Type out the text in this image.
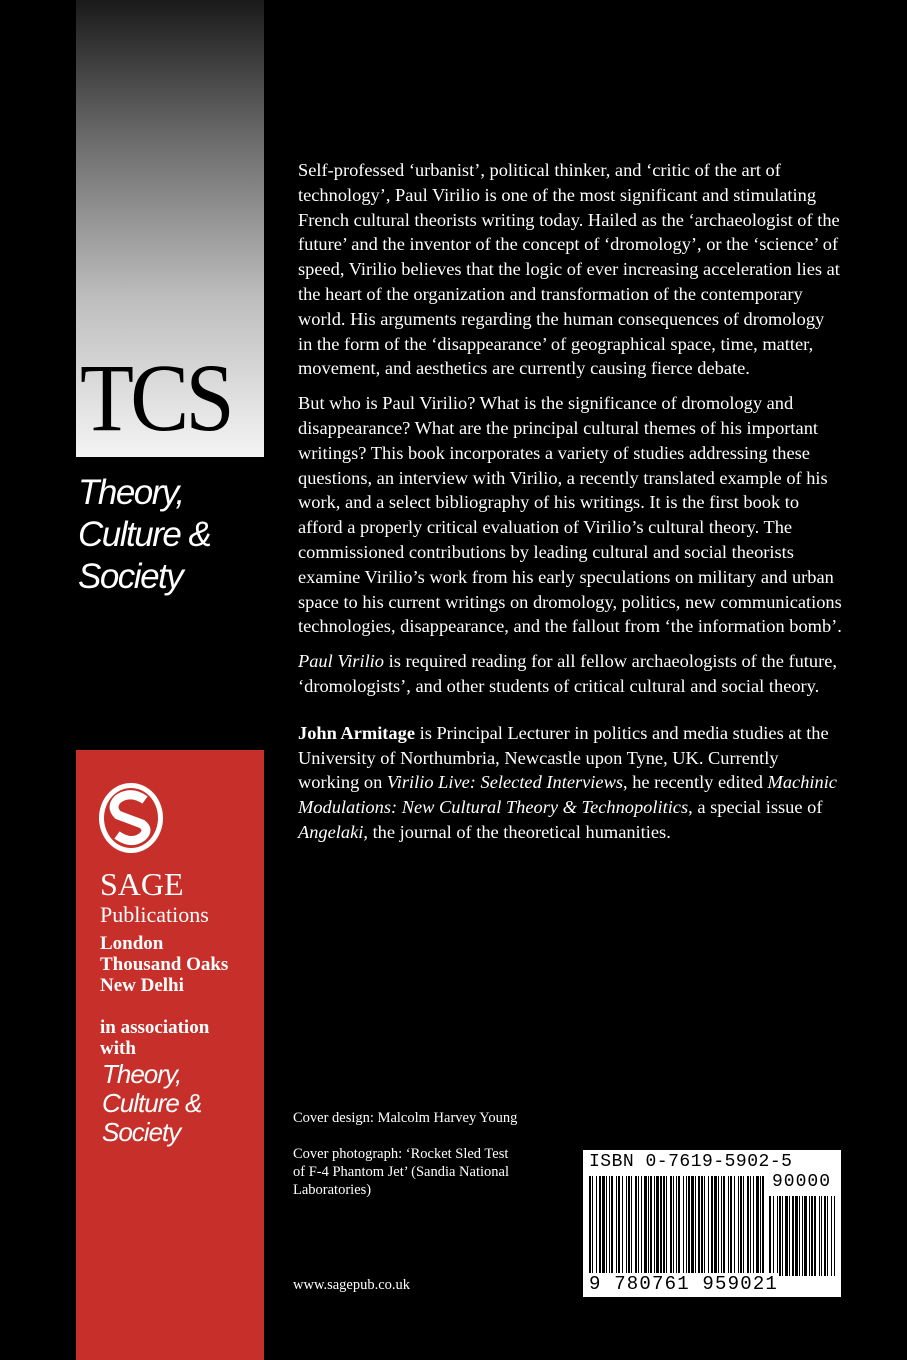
TCS
Theory,
Culture &
Society
SAGE
Publications
London
Thousand Oaks
New Delhi
in association
with
Theory,
Culture &
Society

Self-professed ‘urbanist’, political thinker, and ‘critic of the art of technology’, Paul Virilio is one of the most significant and stimulating French cultural theorists writing today. Hailed as the ‘archaeologist of the future’ and the inventor of the concept of ‘dromology’, or the ‘science’ of speed, Virilio believes that the logic of ever increasing acceleration lies at the heart of the organization and transformation of the contemporary world. His arguments regarding the human consequences of dromology in the form of the ‘disappearance’ of geographical space, time, matter, movement, and aesthetics are currently causing fierce debate.

But who is Paul Virilio? What is the significance of dromology and disappearance? What are the principal cultural themes of his important writings? This book incorporates a variety of studies addressing these questions, an interview with Virilio, a recently translated example of his work, and a select bibliography of his writings. It is the first book to afford a properly critical evaluation of Virilio’s cultural theory. The commissioned contributions by leading cultural and social theorists examine Virilio’s work from his early speculations on military and urban space to his current writings on dromology, politics, new communications technologies, disappearance, and the fallout from ‘the information bomb’.

Paul Virilio is required reading for all fellow archaeologists of the future, ‘dromologists’, and other students of critical cultural and social theory.

John Armitage is Principal Lecturer in politics and media studies at the University of Northumbria, Newcastle upon Tyne, UK. Currently working on Virilio Live: Selected Interviews, he recently edited Machinic Modulations: New Cultural Theory & Technopolitics, a special issue of Angelaki, the journal of the theoretical humanities.

Cover design: Malcolm Harvey Young
Cover photograph: ‘Rocket Sled Test
of F-4 Phantom Jet’ (Sandia National
Laboratories)
www.sagepub.co.uk
ISBN 0-7619-5902-5
90000
9 780761 959021
